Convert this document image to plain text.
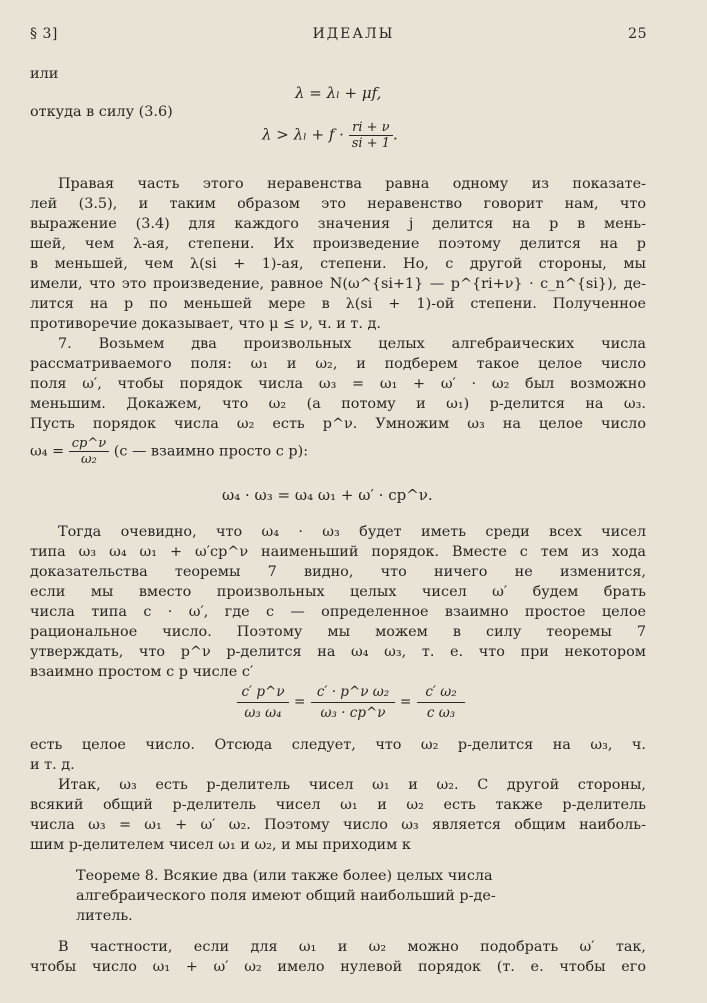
§ 3]	ИДЕАЛЫ	25
или
λ = λₗ + μf,
откуда в силу (3.6)
$\lambda > \lambda_l + f \cdot \frac{ri + \nu}{si + 1}$ .
Правая часть этого неравенства равна одному из показате-
лей (3.5), и таким образом это неравенство говорит нам, что
выражение (3.4) для каждого значения j делится на p в мень-
шей, чем λ-ая, степени. Их произведение поэтому делится на p
в меньшей, чем λ(si + 1)-ая, степени. Но, с другой стороны, мы
имели, что это произведение, равное N(ω^{si+1} — p^{ri+ν} · c_n^{si}), де-
лится на p по меньшей мере в λ(si + 1)-ой степени. Полученное
противоречие доказывает, что μ ≤ ν, ч. и т. д.
7. Возьмем два произвольных целых алгебраических числа
рассматриваемого поля: ω₁ и ω₂, и подберем такое целое число
поля ω′, чтобы порядок числа ω₃ = ω₁ + ω′ · ω₂ был возможно
меньшим. Докажем, что ω₂ (а потому и ω₁) p-делится на ω₃.
Пусть порядок числа ω₂ есть p^ν. Умножим ω₃ на целое число
$\omega_4 = \frac{cp\^{}\nu}{\text{ω₂}} (c$ — взаимно просто с p):
ω₄ · ω₃ = ω₄ ω₁ + ω′ · cp^ν.
Тогда очевидно, что ω₄ · ω₃ будет иметь среди всех чисел
типа ω₃ ω₄ ω₁ + ω′cp^ν наименьший порядок. Вместе с тем из хода
доказательства теоремы 7 видно, что ничего не изменится,
если мы вместо произвольных целых чисел ω′ будем брать
числа типа c · ω′, где c — определенное взаимно простое целое
рациональное число. Поэтому мы можем в силу теоремы 7
утверждать, что p^ν p-делится на ω₄ ω₃, т. е. что при некотором
взаимно простом с p числе c′
$\frac{c' p\^{}\nu}{\text{ω₃ ω₄}} = \frac{\text{c′ · p\textasciicircum{}ν ω₂}}{\text{ω₃ · cp\textasciicircum{}ν}} = \frac{\text{c′ ω₂}}{\text{c ω₃}}$
есть целое число. Отсюда следует, что ω₂ p-делится на ω₃, ч.
и т. д.
Итак, ω₃ есть p-делитель чисел ω₁ и ω₂. С другой стороны,
всякий общий p-делитель чисел ω₁ и ω₂ есть также p-делитель
числа ω₃ = ω₁ + ω′ ω₂. Поэтому число ω₃ является общим наиболь-
шим p-делителем чисел ω₁ и ω₂, и мы приходим к
Теореме 8. Всякие два (или также более) целых числа
алгебраического поля имеют общий наибольший p-де-
литель.
В частности, если для ω₁ и ω₂ можно подобрать ω′ так,
чтобы число ω₁ + ω′ ω₂ имело нулевой порядок (т. е. чтобы его
